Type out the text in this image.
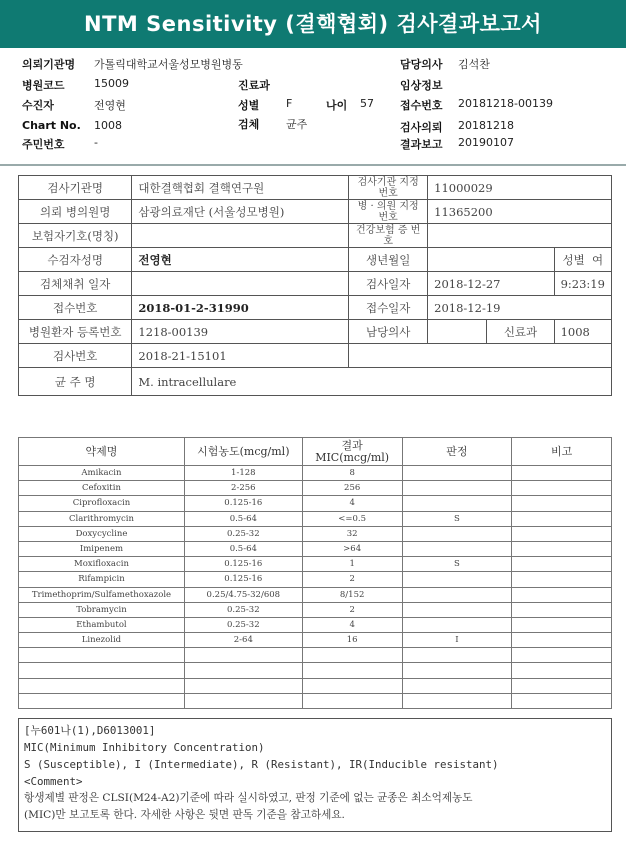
NTM Sensitivity (결핵협회) 검사결과보고서
의뢰기관명 가톨릭대학교서울성모병원병동	담당의사 김석찬
병원코드	15009	진료과	임상정보
수진자	전영현	성별 F	나이 57 접수번호 20181218-00139
Chart No. 1008	검체 균주	검사의뢰 20181218
주민번호	-	결과보고 20190107
검사기관명	대한결핵협회 결핵연구원	검사기관 지정번호	11000029		
의뢰 병의원명	삼광의료재단 (서울성모병원)	병 · 의원 지정번호	11365200		
보험자기호(명칭)		건강보험 증 번 호			
수검자성명	전영현	생년월일			성별 여
검체채취 일자		검사일자	2018-12-27		9:23:19
접수번호	2018-01-2-31990	접수일자	2018-12-19		
병원환자 등록번호	1218-00139	남당의사		신료과	1008
검사번호	2018-21-15101				
균 주 명	M. intracellulare				
약제명	시험농도(mcg/ml)	결과 MIC(mcg/ml)	판정	비고
Amikacin	1-128	8		
Cefoxitin	2-256	256		
Ciprofloxacin	0.125-16	4		
Clarithromycin	0.5-64	<=0.5	S	
Doxycycline	0.25-32	32		
Imipenem	0.5-64	>64		
Moxifloxacin	0.125-16	1	S	
Rifampicin	0.125-16	2		
Trimethoprim/Sulfamethoxazole	0.25/4.75-32/608	8/152		
Tobramycin	0.25-32	2		
Ethambutol	0.25-32	4		
Linezolid	2-64	16	I	

[누601나(1),D6013001]
MIC(Minimum Inhibitory Concentration)
S (Susceptible), I (Intermediate), R (Resistant), IR(Inducible resistant)
<Comment>
항생제별 판정은 CLSI(M24-A2)기준에 따라 실시하였고, 판정 기준에 없는 균종은 최소억제농도
(MIC)만 보고토록 한다. 자세한 사항은 뒷면 판독 기준을 참고하세요.
